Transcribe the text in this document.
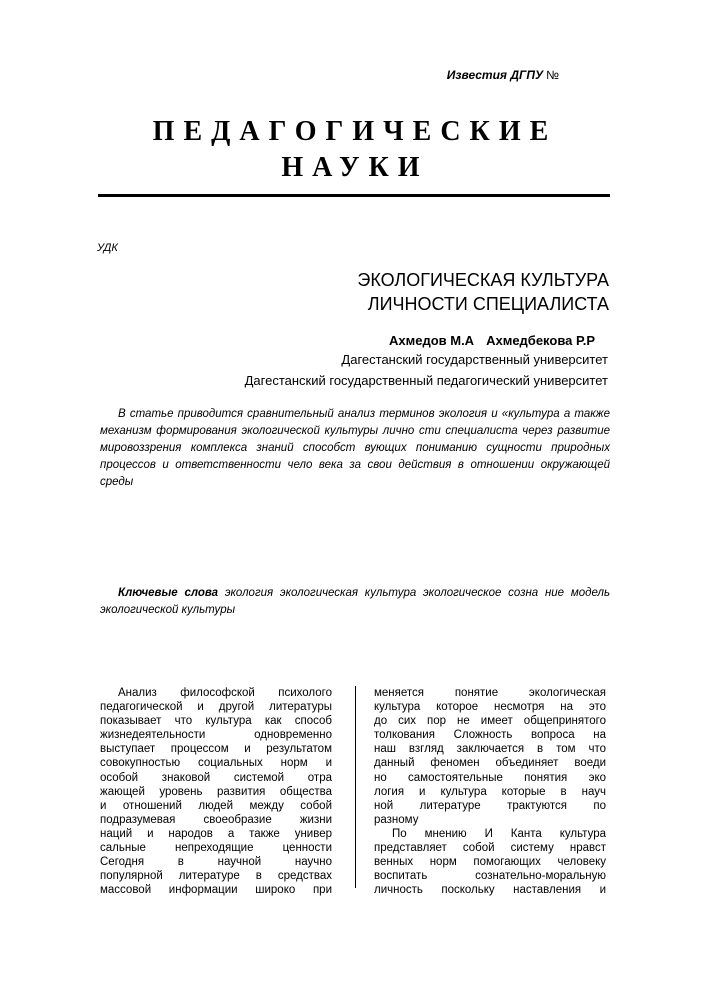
Известия ДГПУ №
ПЕДАГОГИЧЕСКИЕ
НАУКИ
УДК
ЭКОЛОГИЧЕСКАЯ КУЛЬТУРА
ЛИЧНОСТИ СПЕЦИАЛИСТА
Ахмедов М.А Ахмедбекова Р.Р
Дагестанский государственный университет
Дагестанский государственный педагогический университет
В статье приводится сравнительный анализ терминов экология и «культура а также механизм формирования экологической культуры лично сти специалиста через развитие мировоззрения комплекса знаний способст вующих пониманию сущности природных процессов и ответственности чело века за свои действия в отношении окружающей среды
Ключевые слова экология экологическая культура экологическое созна ние модель экологической культуры
Анализ философской психолого
педагогической и другой литературы
показывает что культура как способ
жизнедеятельности одновременно
выступает процессом и результатом
совокупностью социальных норм и
особой знаковой системой отра
жающей уровень развития общества
и отношений людей между собой
подразумевая своеобразие жизни
наций и народов а также универ
сальные непреходящие ценности
Сегодня в научной научно
популярной литературе в средствах
массовой информации широко при
меняется понятие экологическая
культура которое несмотря на это
до сих пор не имеет общепринятого
толкования Сложность вопроса на
наш взгляд заключается в том что
данный феномен объединяет воеди
но самостоятельные понятия эко
логия и культура которые в науч
ной литературе трактуются по
разному
По мнению И Канта культура
представляет собой систему нравст
венных норм помогающих человеку
воспитать сознательно-моральную
личность поскольку наставления и
